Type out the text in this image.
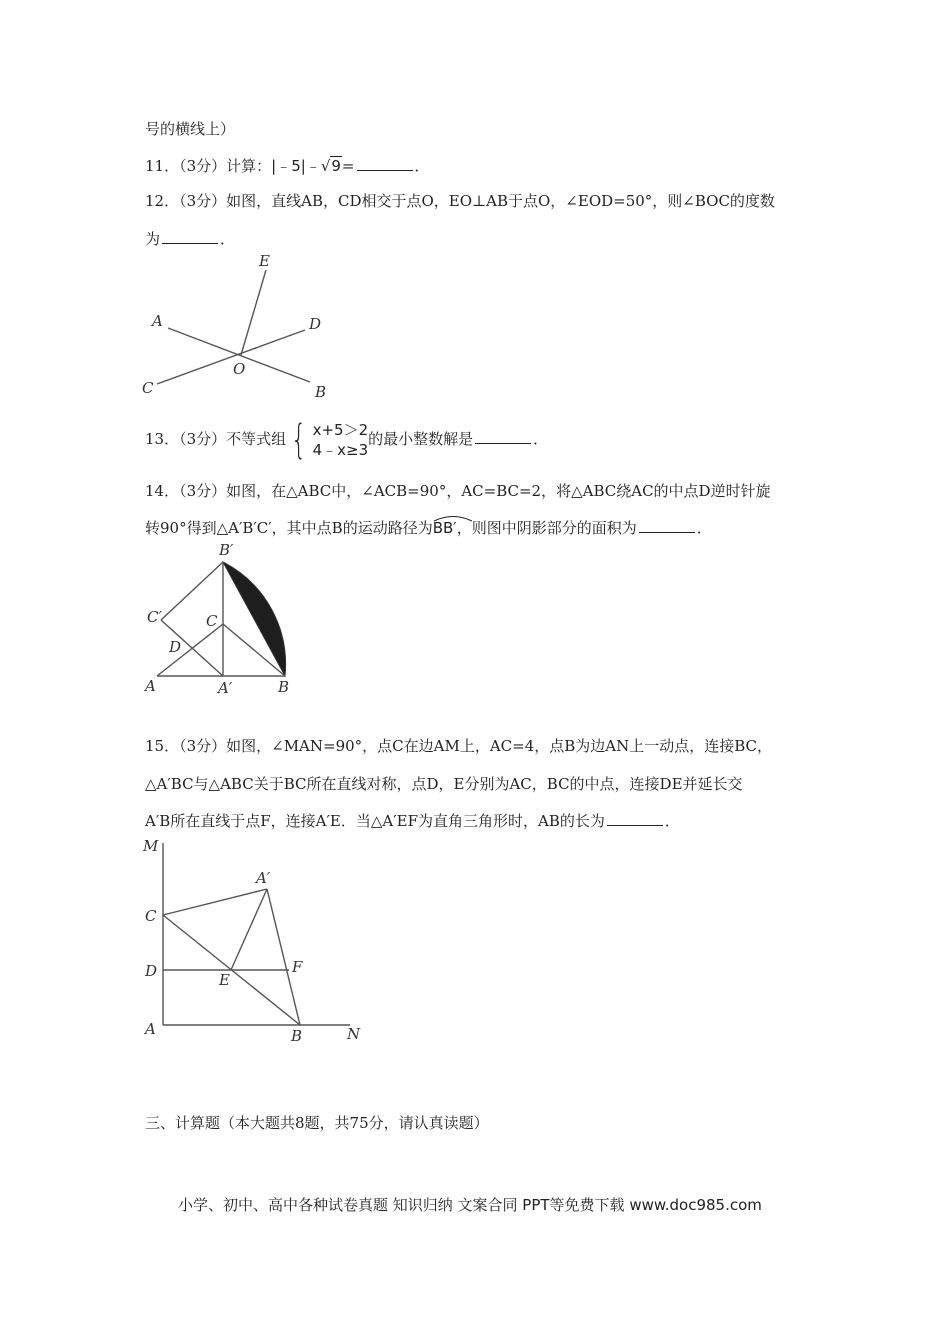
号的横线上）
11．（3分）计算：|﹣5|﹣√9=	．
12．（3分）如图，直线AB，CD相交于点O，EO⊥AB于点O，∠EOD=50°，则∠BOC的度数
为	．
E
A	D
O
C	B
13．（3分）不等式组 { x+5＞2
4﹣x≥3
的最小整数解是	．
14．（3分）如图，在△ABC中，∠ACB=90°，AC=BC=2，将△ABC绕AC的中点D逆时针旋
转90°得到△A′B′C′，其中点B的运动路径为
BB′，则图中阴影部分的面积为	．
B′
C′	C
D
A	A′	B
15．（3分）如图，∠MAN=90°，点C在边AM上，AC=4，点B为边AN上一动点，连接BC，
△A′BC与△ABC关于BC所在直线对称，点D，E分别为AC，BC的中点，连接DE并延长交
A′B所在直线于点F，连接A′E．当△A′EF为直角三角形时，AB的长为	．
M
A′
C
D	E
F
A	B	N
三、计算题（本大题共8题，共75分，请认真读题）
小学、初中、高中各种试卷真题 知识归纳 文案合同 PPT等免费下载 www.doc985.com
